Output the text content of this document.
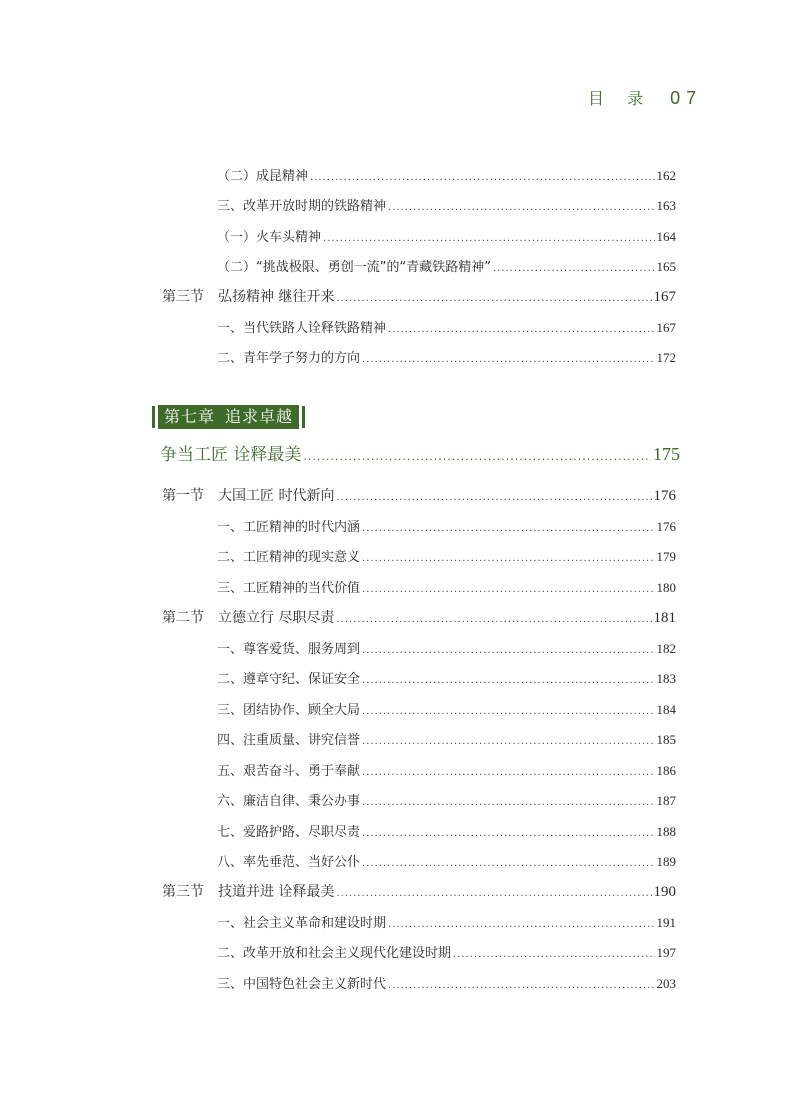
目 录 07
（二）成昆精神 .....	162
三、改革开放时期的铁路精神 .....	163
（一）火车头精神 .....	164
（二）“挑战极限、勇创一流”的“青藏铁路精神” .....	165
第三节 弘扬精神 继往开来 .....	167
一、当代铁路人诠释铁路精神 .....	167
二、青年学子努力的方向 .....	172
第七章 追求卓越
争当工匠 诠释最美 .....	175
第一节 大国工匠 时代新向 .....	176
一、工匠精神的时代内涵 .....	176
二、工匠精神的现实意义 .....	179
三、工匠精神的当代价值 .....	180
第二节 立德立行 尽职尽责 .....	181
一、尊客爱货、服务周到 .....	182
二、遵章守纪、保证安全 .....	183
三、团结协作、顾全大局 .....	184
四、注重质量、讲究信誉 .....	185
五、艰苦奋斗、勇于奉献 .....	186
六、廉洁自律、秉公办事 .....	187
七、爱路护路、尽职尽责 .....	188
八、率先垂范、当好公仆 .....	189
第三节 技道并进 诠释最美 .....	190
一、社会主义革命和建设时期 .....	191
二、改革开放和社会主义现代化建设时期 .....	197
三、中国特色社会主义新时代 .....	203
